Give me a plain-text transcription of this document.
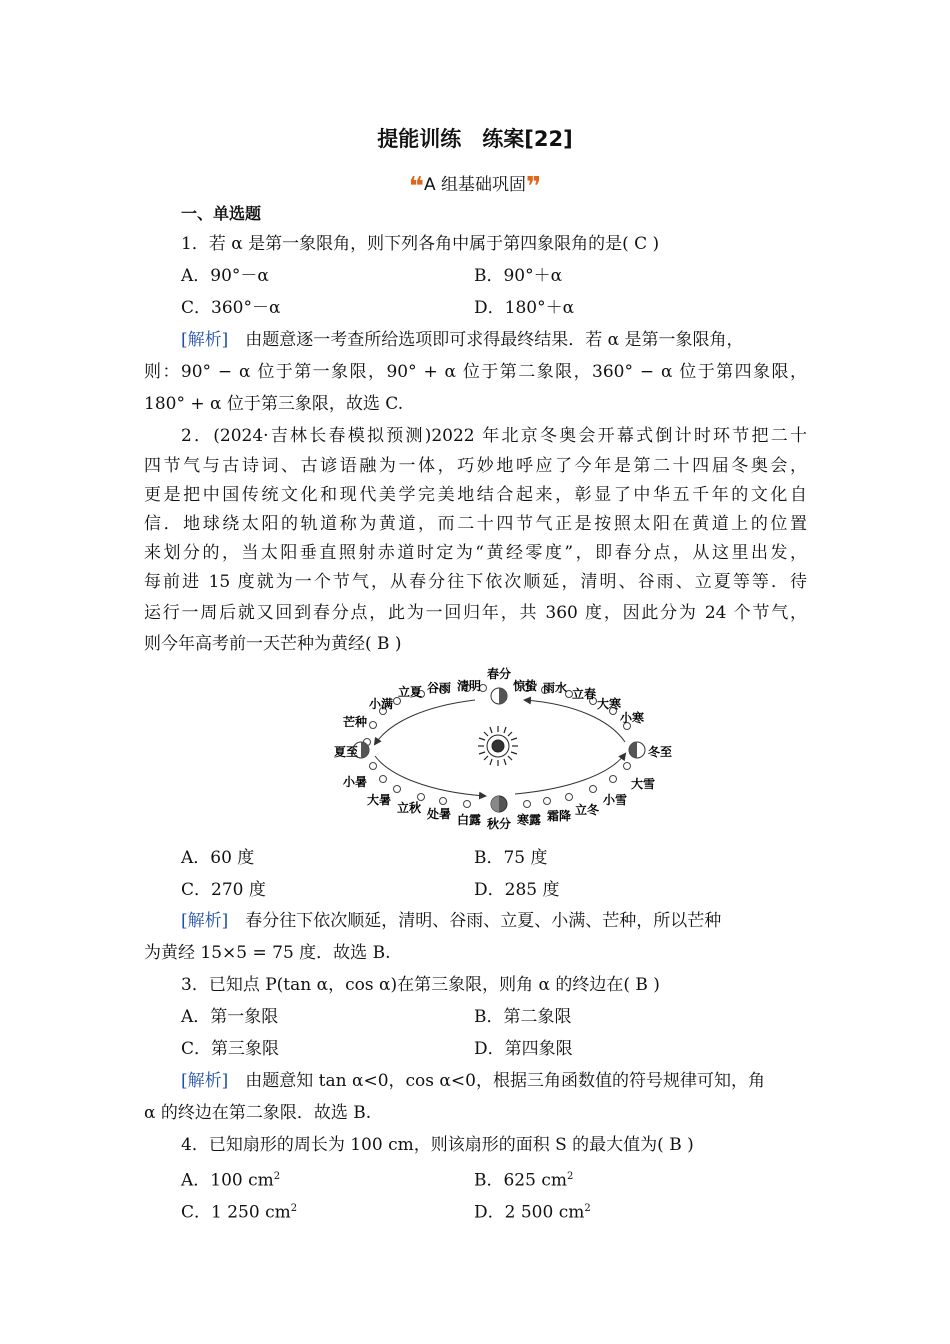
提能训练　练案[22]
❝A 组基础巩固❞
一、单选题
1．若 α 是第一象限角，则下列各角中属于第四象限角的是( C )
A．90°－α	B．90°＋α
C．360°－α	D．180°＋α
[解析]　 由题意逐一考查所给选项即可求得最终结果．若 α 是第一象限角，
则：90° − α 位于第一象限，90° + α 位于第二象限，360° − α 位于第四象限，
180° + α 位于第三象限，故选 C.
2．(2024·吉林长春模拟预测)2022 年北京冬奥会开幕式倒计时环节把二十
四节气与古诗词、古谚语融为一体，巧妙地呼应了今年是第二十四届冬奥会，
更是把中国传统文化和现代美学完美地结合起来，彰显了中华五千年的文化自
信．地球绕太阳的轨道称为黄道，而二十四节气正是按照太阳在黄道上的位置
来划分的，当太阳垂直照射赤道时定为“黄经零度”，即春分点，从这里出发，
每前进 15 度就为一个节气，从春分往下依次顺延，清明、谷雨、立夏等等．待
运行一周后就又回到春分点，此为一回归年，共 360 度，因此分为 24 个节气，
则今年高考前一天芒种为黄经( B )
春分
清明
谷雨
立夏
小满
芒种
夏至
小暑
大暑
立秋 处暑 白露 秋分 寒露 霜降 立冬
小雪
大雪
冬至
小寒
大寒
立春
雨水
惊蛰
A．60 度	B．75 度
C．270 度	D．285 度
[解析]　 春分往下依次顺延，清明、谷雨、立夏、小满、芒种，所以芒种
为黄经 15×5 = 75 度．故选 B.
3．已知点 P(tan α，cos α)在第三象限，则角 α 的终边在( B )
A．第一象限	B．第二象限
C．第三象限	D．第四象限
[解析]　 由题意知 tan α<0，cos α<0，根据三角函数值的符号规律可知，角
α 的终边在第二象限．故选 B.
4．已知扇形的周长为 100 cm，则该扇形的面积 S 的最大值为( B )
A．100 $cm^2$	B．625 $cm^2$
C．1 250 $cm^2$	D．2 500 $cm^2$
